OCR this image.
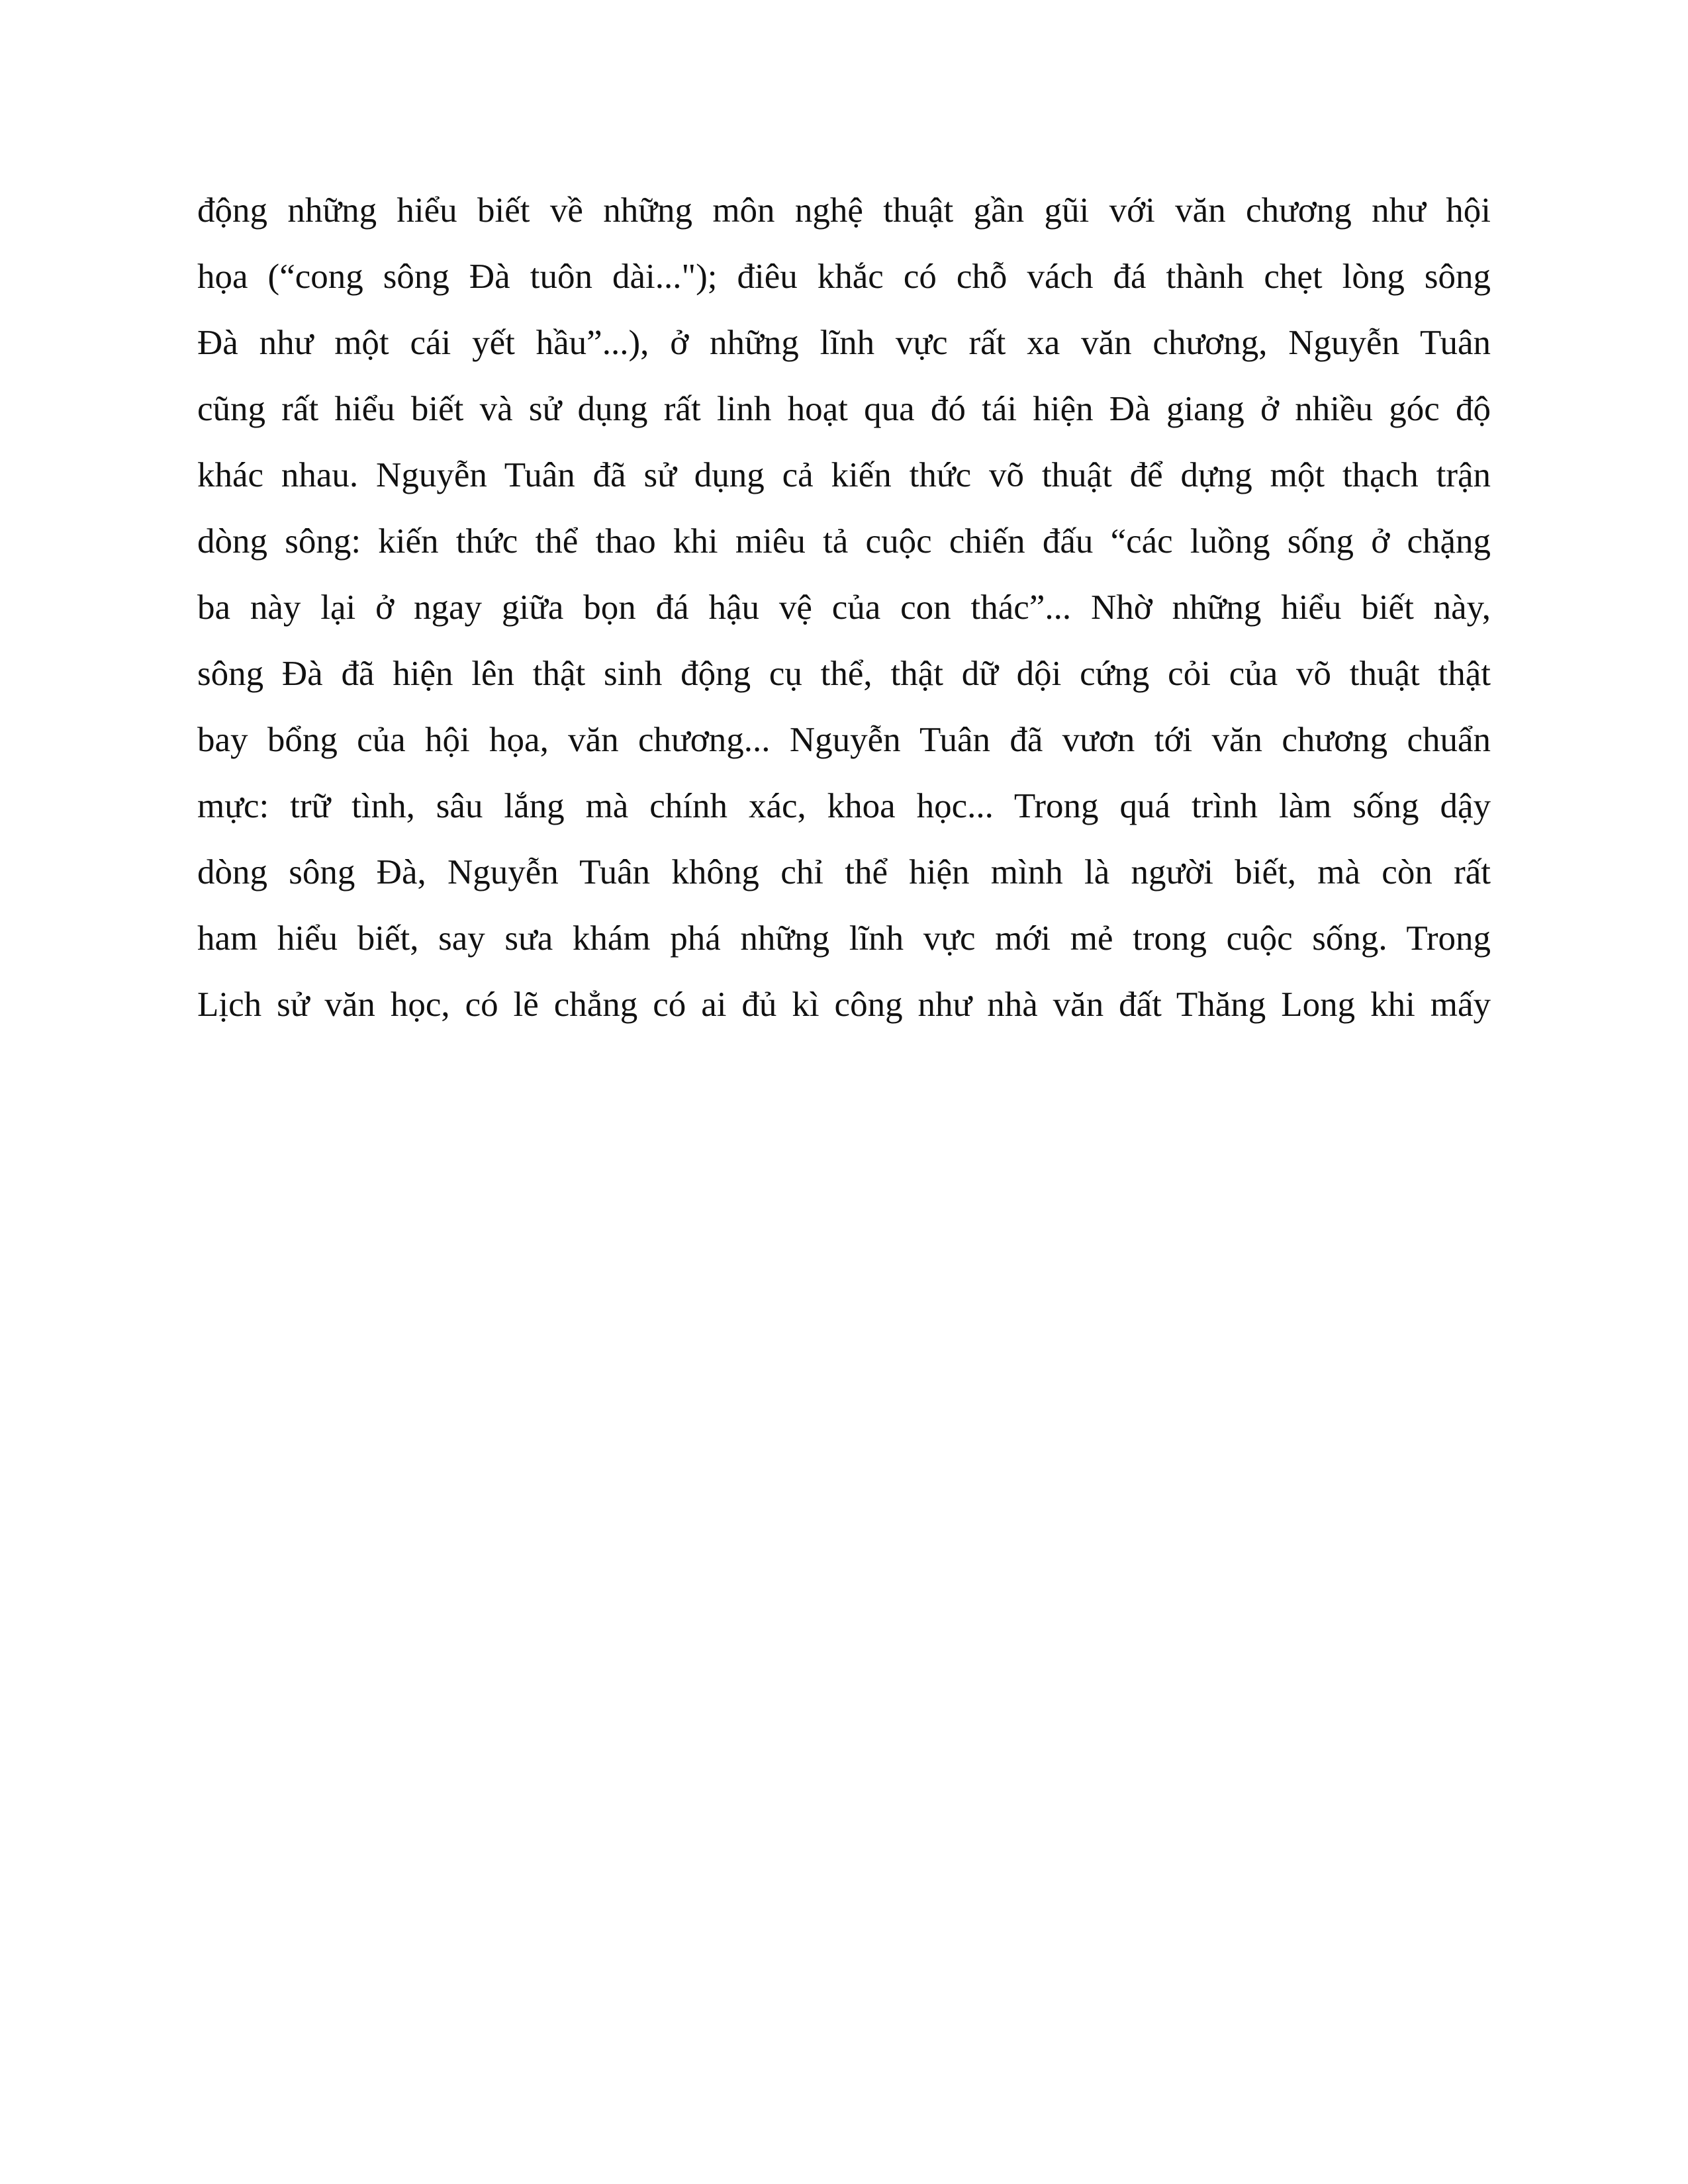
động những hiểu biết về những môn nghệ thuật gần gũi với văn chương như hội
họa (“cong sông Đà tuôn dài..."); điêu khắc có chỗ vách đá thành chẹt lòng sông
Đà như một cái yết hầu”...), ở những lĩnh vực rất xa văn chương, Nguyễn Tuân
cũng rất hiểu biết và sử dụng rất linh hoạt qua đó tái hiện Đà giang ở nhiều góc độ
khác nhau. Nguyễn Tuân đã sử dụng cả kiến thức võ thuật để dựng một thạch trận
dòng sông: kiến thức thể thao khi miêu tả cuộc chiến đấu “các luồng sống ở chặng
ba này lại ở ngay giữa bọn đá hậu vệ của con thác”... Nhờ những hiểu biết này,
sông Đà đã hiện lên thật sinh động cụ thể, thật dữ dội cứng cỏi của võ thuật thật
bay bổng của hội họa, văn chương... Nguyễn Tuân đã vươn tới văn chương chuẩn
mực: trữ tình, sâu lắng mà chính xác, khoa học... Trong quá trình làm sống dậy
dòng sông Đà, Nguyễn Tuân không chỉ thể hiện mình là người biết, mà còn rất
ham hiểu biết, say sưa khám phá những lĩnh vực mới mẻ trong cuộc sống. Trong
Lịch sử văn học, có lẽ chẳng có ai đủ kì công như nhà văn đất Thăng Long khi mấy
